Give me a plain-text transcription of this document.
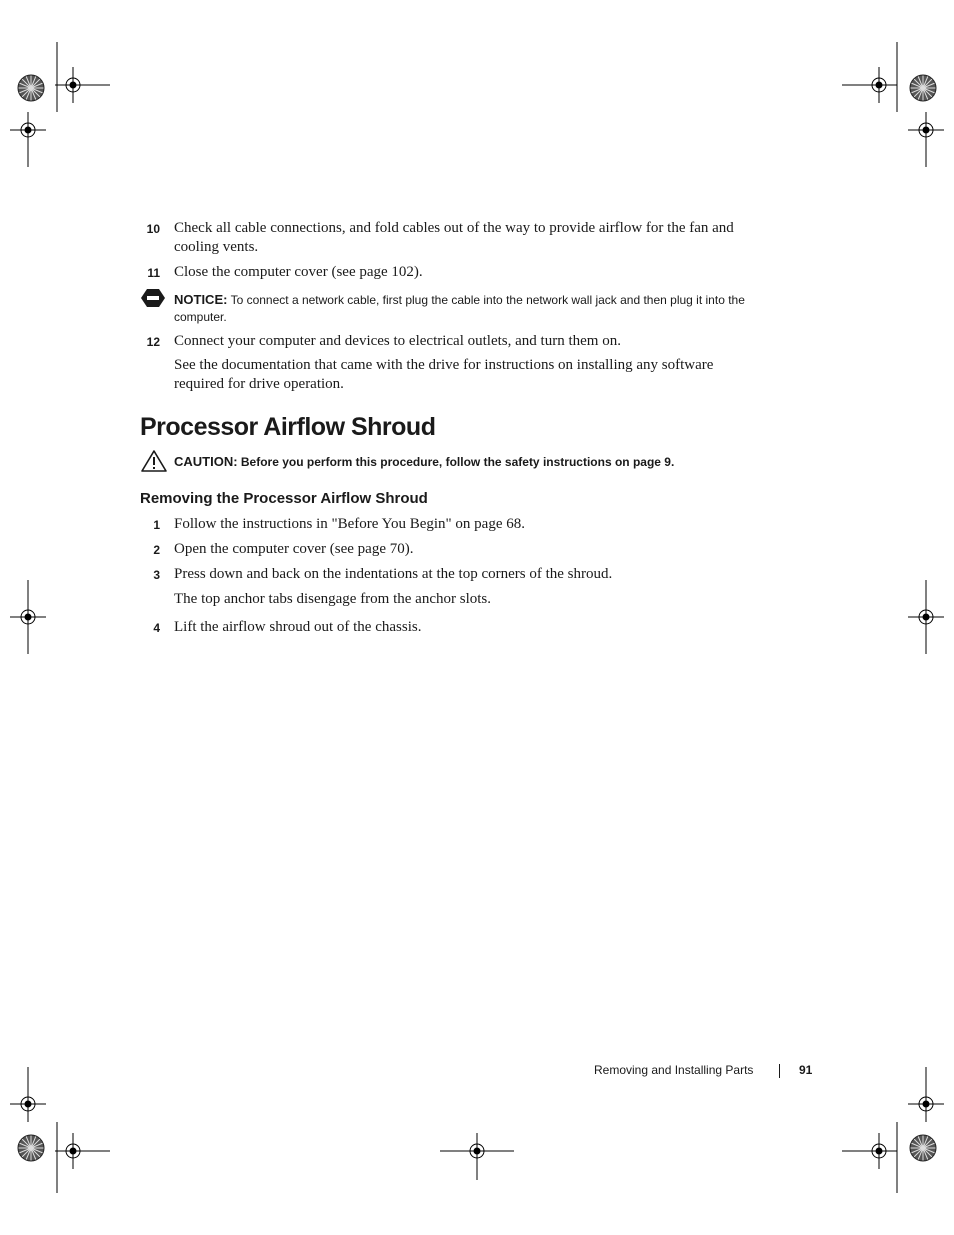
10 Check all cable connections, and fold cables out of the way to provide airflow for the fan and cooling vents.
11 Close the computer cover (see page 102).
NOTICE: To connect a network cable, first plug the cable into the network wall jack and then plug it into the computer.
12 Connect your computer and devices to electrical outlets, and turn them on.
See the documentation that came with the drive for instructions on installing any software required for drive operation.
Processor Airflow Shroud
CAUTION: Before you perform this procedure, follow the safety instructions on page 9.
Removing the Processor Airflow Shroud
1 Follow the instructions in "Before You Begin" on page 68.
2 Open the computer cover (see page 70).
3 Press down and back on the indentations at the top corners of the shroud.
The top anchor tabs disengage from the anchor slots.
4 Lift the airflow shroud out of the chassis.
Removing and Installing Parts	91
